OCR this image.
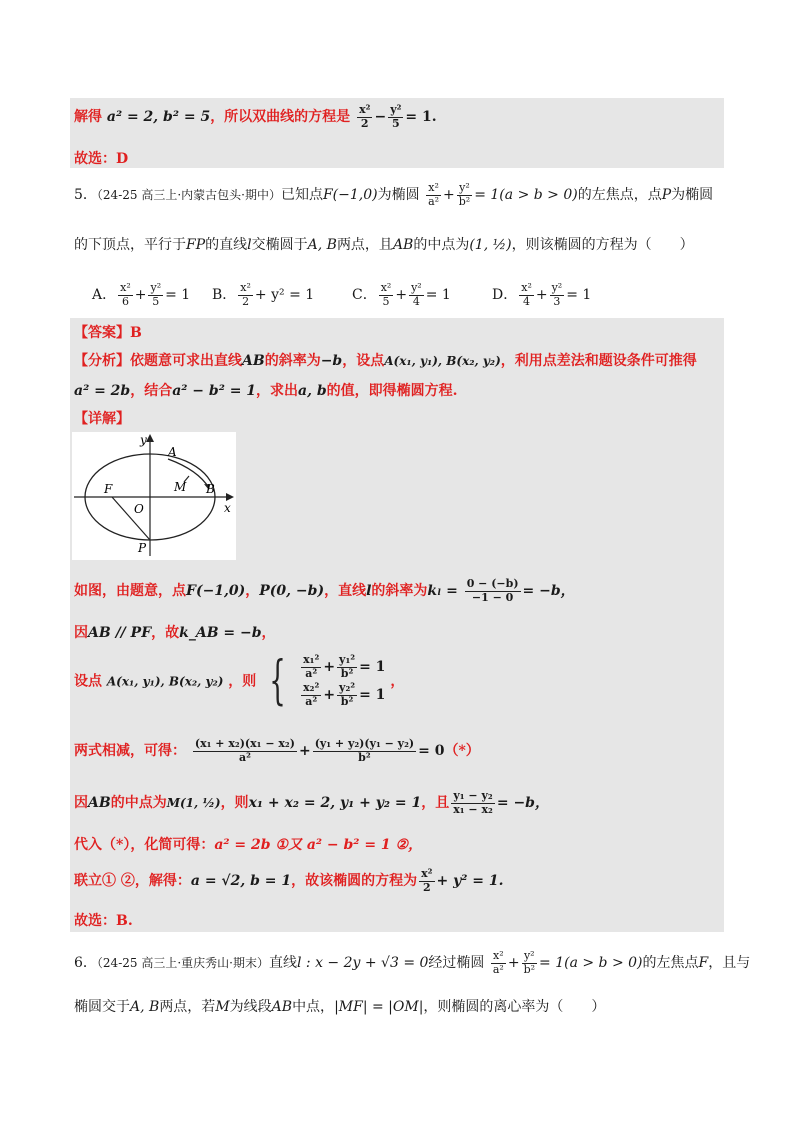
解得 a² = 2, b² = 5，所以双曲线的方程是 $\frac{\text{x²}}{2} - \frac{\text{y²}}{5} = 1$.
故选：D
5．（24-25 高三上·内蒙古包头·期中）已知点F(−1,0)为椭圆 $\frac{\text{x²}}{\text{a²}} + \frac{\text{y²}}{\text{b²}} = 1(a > b > 0)$的左焦点，点P为椭圆
的下顶点，平行于FP的直线l交椭圆于A, B两点，且AB的中点为(1, ½)，则该椭圆的方程为（　　）
A． $\frac{\text{x²}}{6} + \frac{\text{y²}}{5} = 1$ B． $\frac{\text{x²}}{2} + y^2 = 1$	C． $\frac{\text{x²}}{5} + \frac{\text{y²}}{4} = 1$	D． $\frac{\text{x²}}{4} + \frac{\text{y²}}{3} = 1$
【答案】B
【分析】依题意可求出直线AB的斜率为−b，设点A(x₁, y₁), B(x₂, y₂)，利用点差法和题设条件可推得
a² = 2b，结合a² − b² = 1，求出a, b的值，即得椭圆方程.
【详解】
y
A
M B
F
O	x
P
如图，由题意，点F(−1,0)，P(0, −b)，直线l的斜率为$k_l = \frac{0 - (-b)}{-1 - 0} = -b$，
因AB // PF，故k_AB = −b，
设点 A(x₁, y₁), B(x₂, y₂) ，则 { $\frac{\text{x₁²}}{\text{a²}} + \frac{\text{y₁²}}{\text{b²}} = 1$
$\frac{\text{x₂²}}{\text{a²}} + \frac{\text{y₂²}}{\text{b²}} = 1$
，
两式相减，可得： $\frac{\text{(x₁ + x₂)(x₁ − x₂)}}{\text{a²}} + \frac{\text{(y₁ + y₂)(y₁ − y₂)}}{\text{b²}} = 0(*)$
因AB的中点为M(1, ½)，则x₁ + x₂ = 2, y₁ + y₂ = 1，且 $\frac{\text{y₁ − y₂}}{\text{x₁ − x₂}} = -b$，
代入（*），化简可得：a² = 2b ①又 a² − b² = 1 ②，
联立① ②，解得：a = √2, b = 1，故该椭圆的方程为 $\frac{\text{x²}}{2} + y^2 = 1$.
故选：B.
6．（24-25 高三上·重庆秀山·期末）直线l : x − 2y + √3 = 0经过椭圆 $\frac{\text{x²}}{\text{a²}} + \frac{\text{y²}}{\text{b²}} = 1(a > b > 0)$的左焦点F，且与
椭圆交于A, B两点，若M为线段AB中点，|MF| = |OM|，则椭圆的离心率为（　　）
